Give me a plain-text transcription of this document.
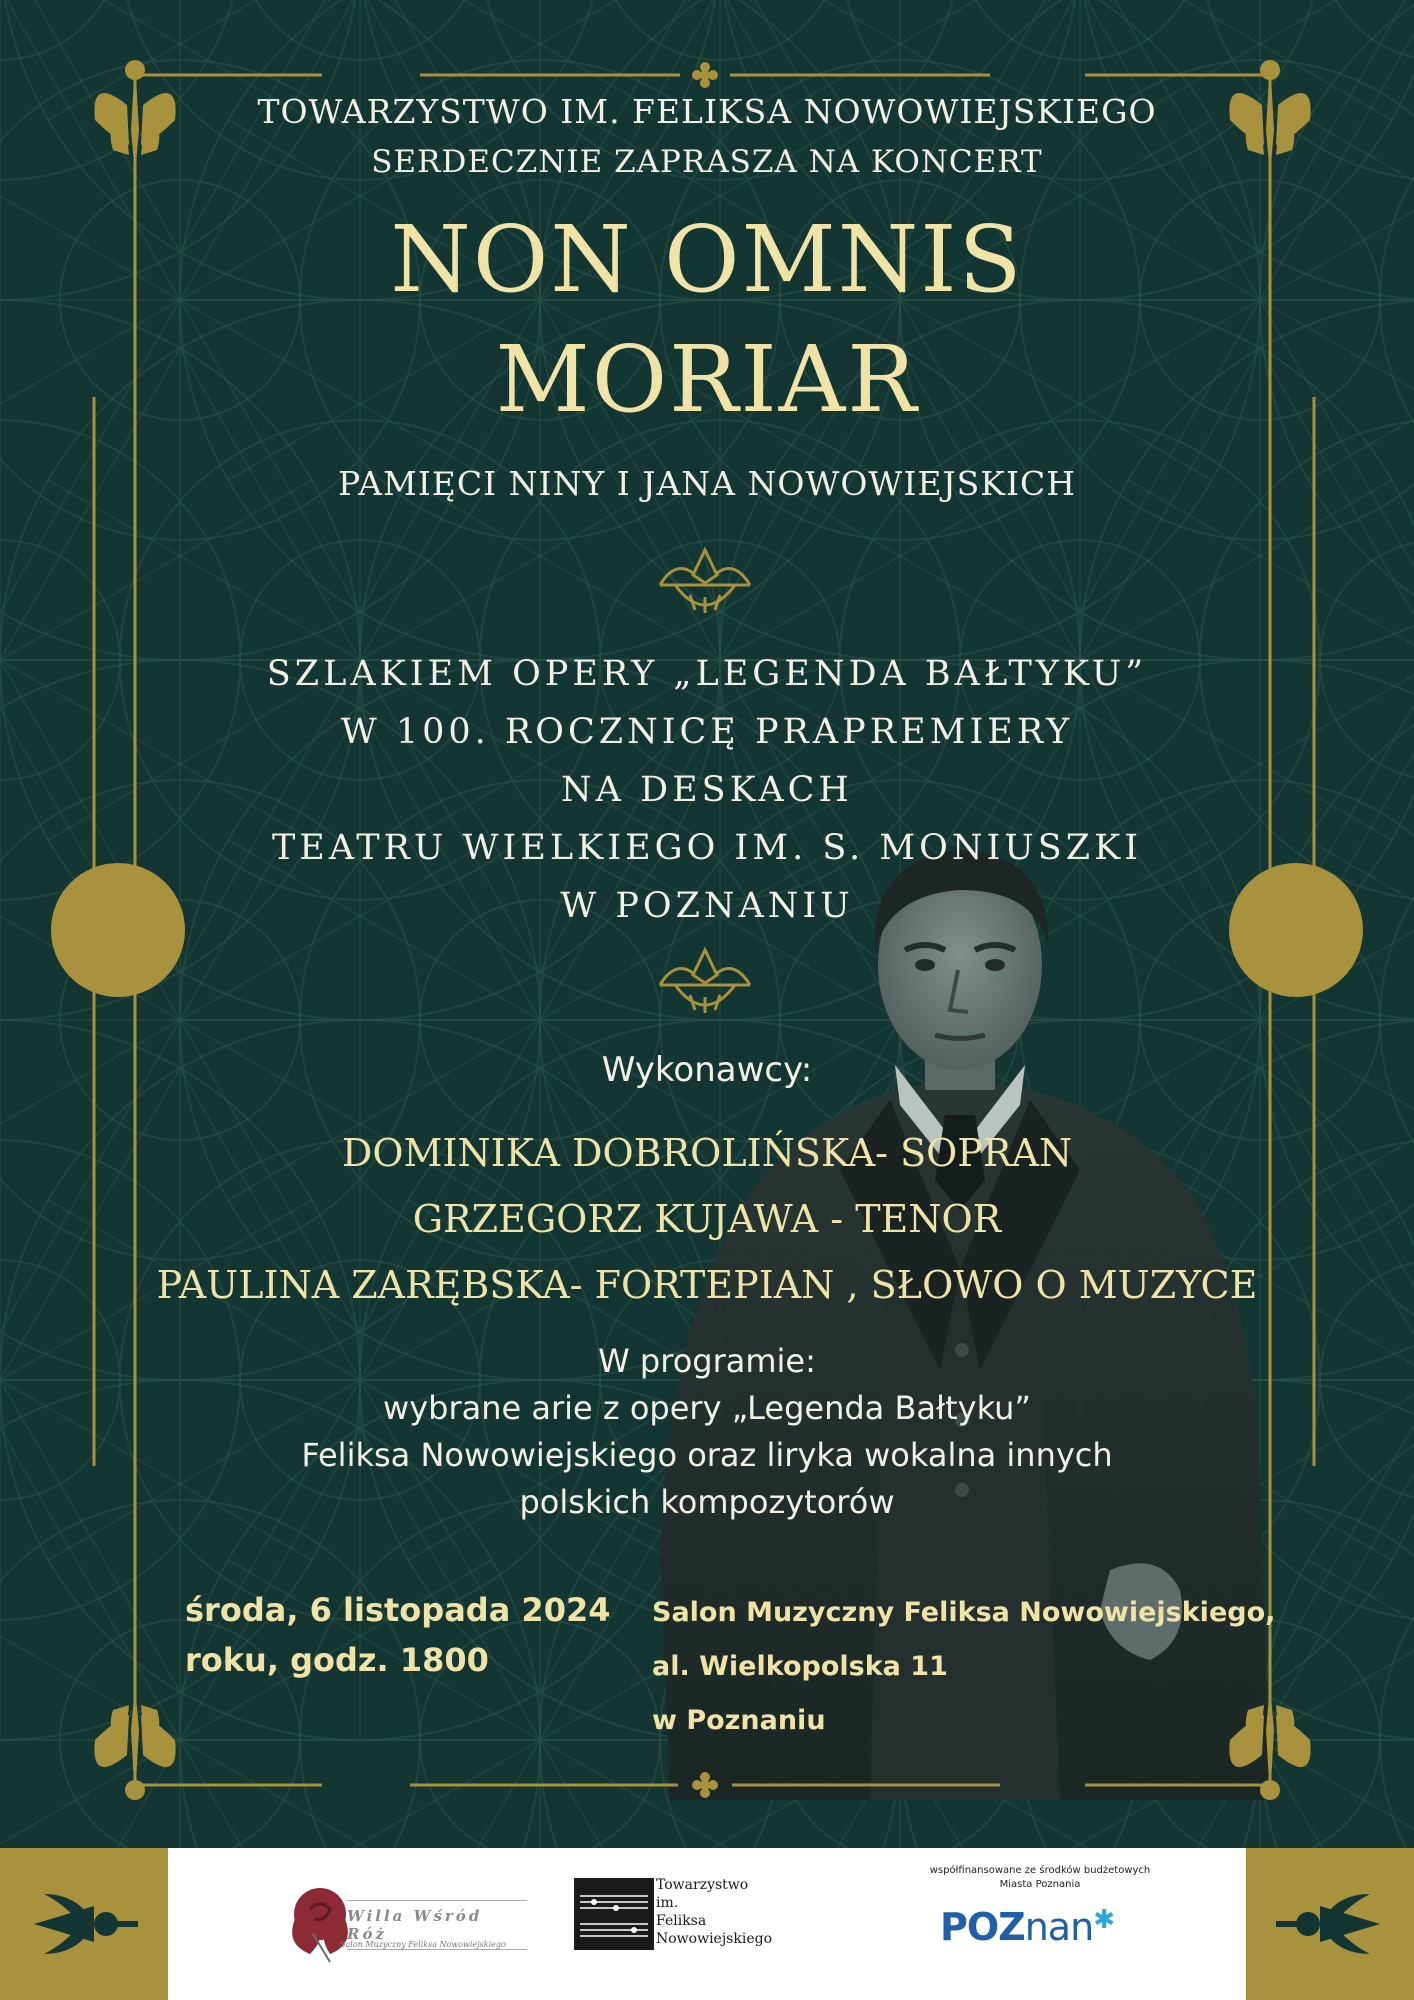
TOWARZYSTWO IM. FELIKSA NOWOWIEJSKIEGO
SERDECZNIE ZAPRASZA NA KONCERT
NON OMNIS
MORIAR
PAMIĘCI NINY I JANA NOWOWIEJSKICH
SZLAKIEM OPERY „LEGENDA BAŁTYKU”
W 100. ROCZNICĘ PRAPREMIERY
NA DESKACH
TEATRU WIELKIEGO IM. S. MONIUSZKI
W POZNANIU
Wykonawcy:
DOMINIKA DOBROLIŃSKA- SOPRAN
GRZEGORZ KUJAWA - TENOR
PAULINA ZARĘBSKA- FORTEPIAN , SŁOWO O MUZYCE
W programie:
wybrane arie z opery „Legenda Bałtyku”
Feliksa Nowowiejskiego oraz liryka wokalna innych
polskich kompozytorów
środa, 6 listopada 2024
roku, godz. 1800
Salon Muzyczny Feliksa Nowowiejskiego,
al. Wielkopolska 11
w Poznaniu
Willa Wśród Róż
Salon Muzyczny Feliksa Nowowiejskiego
Towarzystwo
im.
Feliksa
Nowowiejskiego
współfinansowane ze środków budżetowych
Miasta Poznania
POZnan✱
